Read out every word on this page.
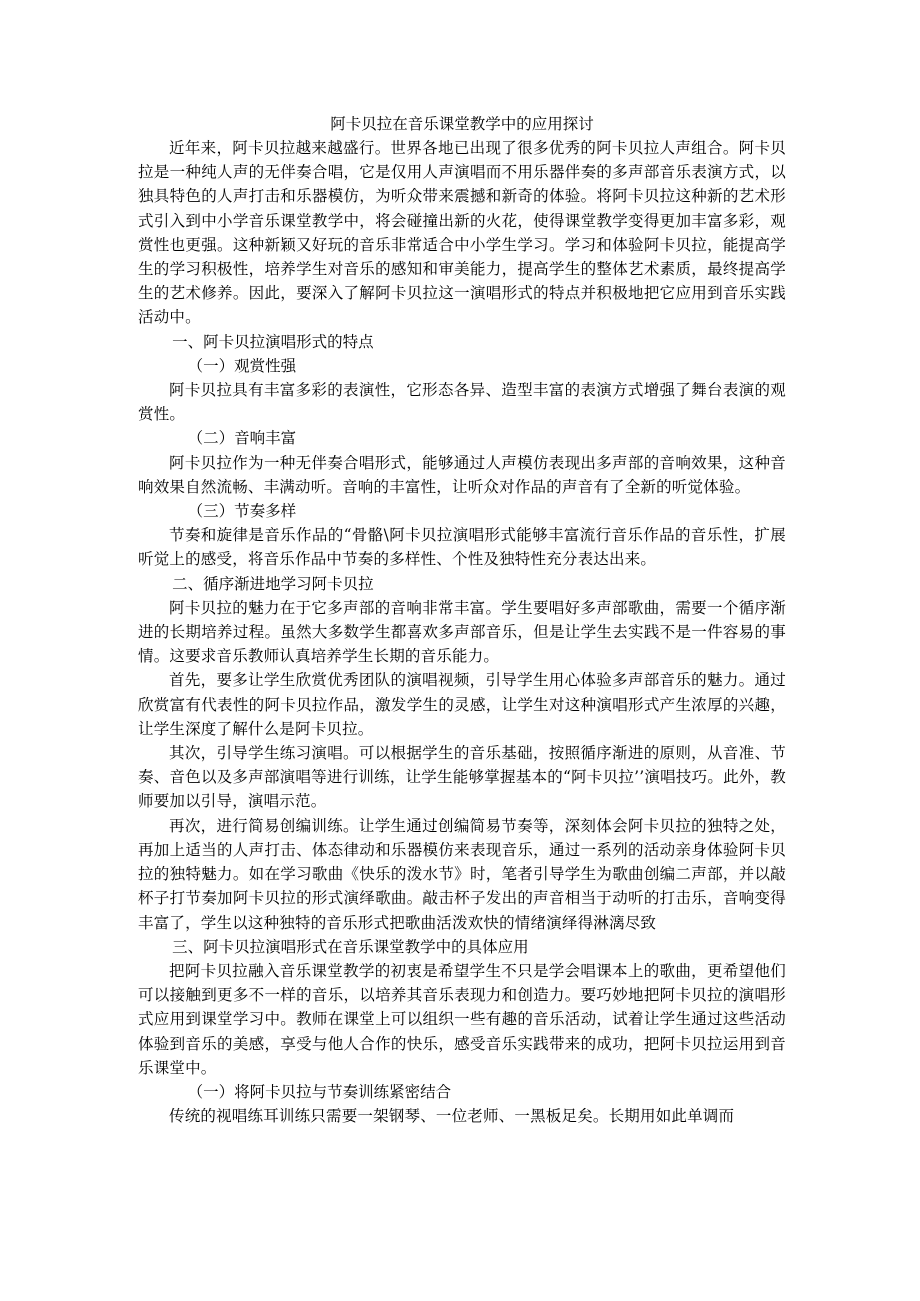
阿卡贝拉在音乐课堂教学中的应用探讨

近年来，阿卡贝拉越来越盛行。世界各地已出现了很多优秀的阿卡贝拉人声组合。阿卡贝拉是一种纯人声的无伴奏合唱，它是仅用人声演唱而不用乐器伴奏的多声部音乐表演方式，以独具特色的人声打击和乐器模仿，为听众带来震撼和新奇的体验。将阿卡贝拉这种新的艺术形式引入到中小学音乐课堂教学中，将会碰撞出新的火花，使得课堂教学变得更加丰富多彩，观赏性也更强。这种新颖又好玩的音乐非常适合中小学生学习。学习和体验阿卡贝拉，能提高学生的学习积极性，培养学生对音乐的感知和审美能力，提高学生的整体艺术素质，最终提高学生的艺术修养。因此，要深入了解阿卡贝拉这一演唱形式的特点并积极地把它应用到音乐实践活动中。

一、阿卡贝拉演唱形式的特点

（一）观赏性强

阿卡贝拉具有丰富多彩的表演性，它形态各异、造型丰富的表演方式增强了舞台表演的观赏性。

（二）音响丰富

阿卡贝拉作为一种无伴奏合唱形式，能够通过人声模仿表现出多声部的音响效果，这种音响效果自然流畅、丰满动听。音响的丰富性，让听众对作品的声音有了全新的听觉体验。

（三）节奏多样

节奏和旋律是音乐作品的“骨骼\阿卡贝拉演唱形式能够丰富流行音乐作品的音乐性，扩展听觉上的感受，将音乐作品中节奏的多样性、个性及独特性充分表达出来。

二、循序渐进地学习阿卡贝拉

阿卡贝拉的魅力在于它多声部的音响非常丰富。学生要唱好多声部歌曲，需要一个循序渐进的长期培养过程。虽然大多数学生都喜欢多声部音乐，但是让学生去实践不是一件容易的事情。这要求音乐教师认真培养学生长期的音乐能力。

首先，要多让学生欣赏优秀团队的演唱视频，引导学生用心体验多声部音乐的魅力。通过欣赏富有代表性的阿卡贝拉作品，激发学生的灵感，让学生对这种演唱形式产生浓厚的兴趣，让学生深度了解什么是阿卡贝拉。

其次，引导学生练习演唱。可以根据学生的音乐基础，按照循序渐进的原则，从音准、节奏、音色以及多声部演唱等进行训练，让学生能够掌握基本的“阿卡贝拉’’演唱技巧。此外，教师要加以引导，演唱示范。

再次，进行简易创编训练。让学生通过创编简易节奏等，深刻体会阿卡贝拉的独特之处，再加上适当的人声打击、体态律动和乐器模仿来表现音乐，通过一系列的活动亲身体验阿卡贝拉的独特魅力。如在学习歌曲《快乐的泼水节》时，笔者引导学生为歌曲创编二声部，并以敲杯子打节奏加阿卡贝拉的形式演绎歌曲。敲击杯子发出的声音相当于动听的打击乐，音响变得丰富了，学生以这种独特的音乐形式把歌曲活泼欢快的情绪演绎得淋漓尽致

三、阿卡贝拉演唱形式在音乐课堂教学中的具体应用

把阿卡贝拉融入音乐课堂教学的初衷是希望学生不只是学会唱课本上的歌曲，更希望他们可以接触到更多不一样的音乐，以培养其音乐表现力和创造力。要巧妙地把阿卡贝拉的演唱形式应用到课堂学习中。教师在课堂上可以组织一些有趣的音乐活动，试着让学生通过这些活动体验到音乐的美感，享受与他人合作的快乐，感受音乐实践带来的成功，把阿卡贝拉运用到音乐课堂中。

（一）将阿卡贝拉与节奏训练紧密结合

传统的视唱练耳训练只需要一架钢琴、一位老师、一黑板足矣。长期用如此单调而
